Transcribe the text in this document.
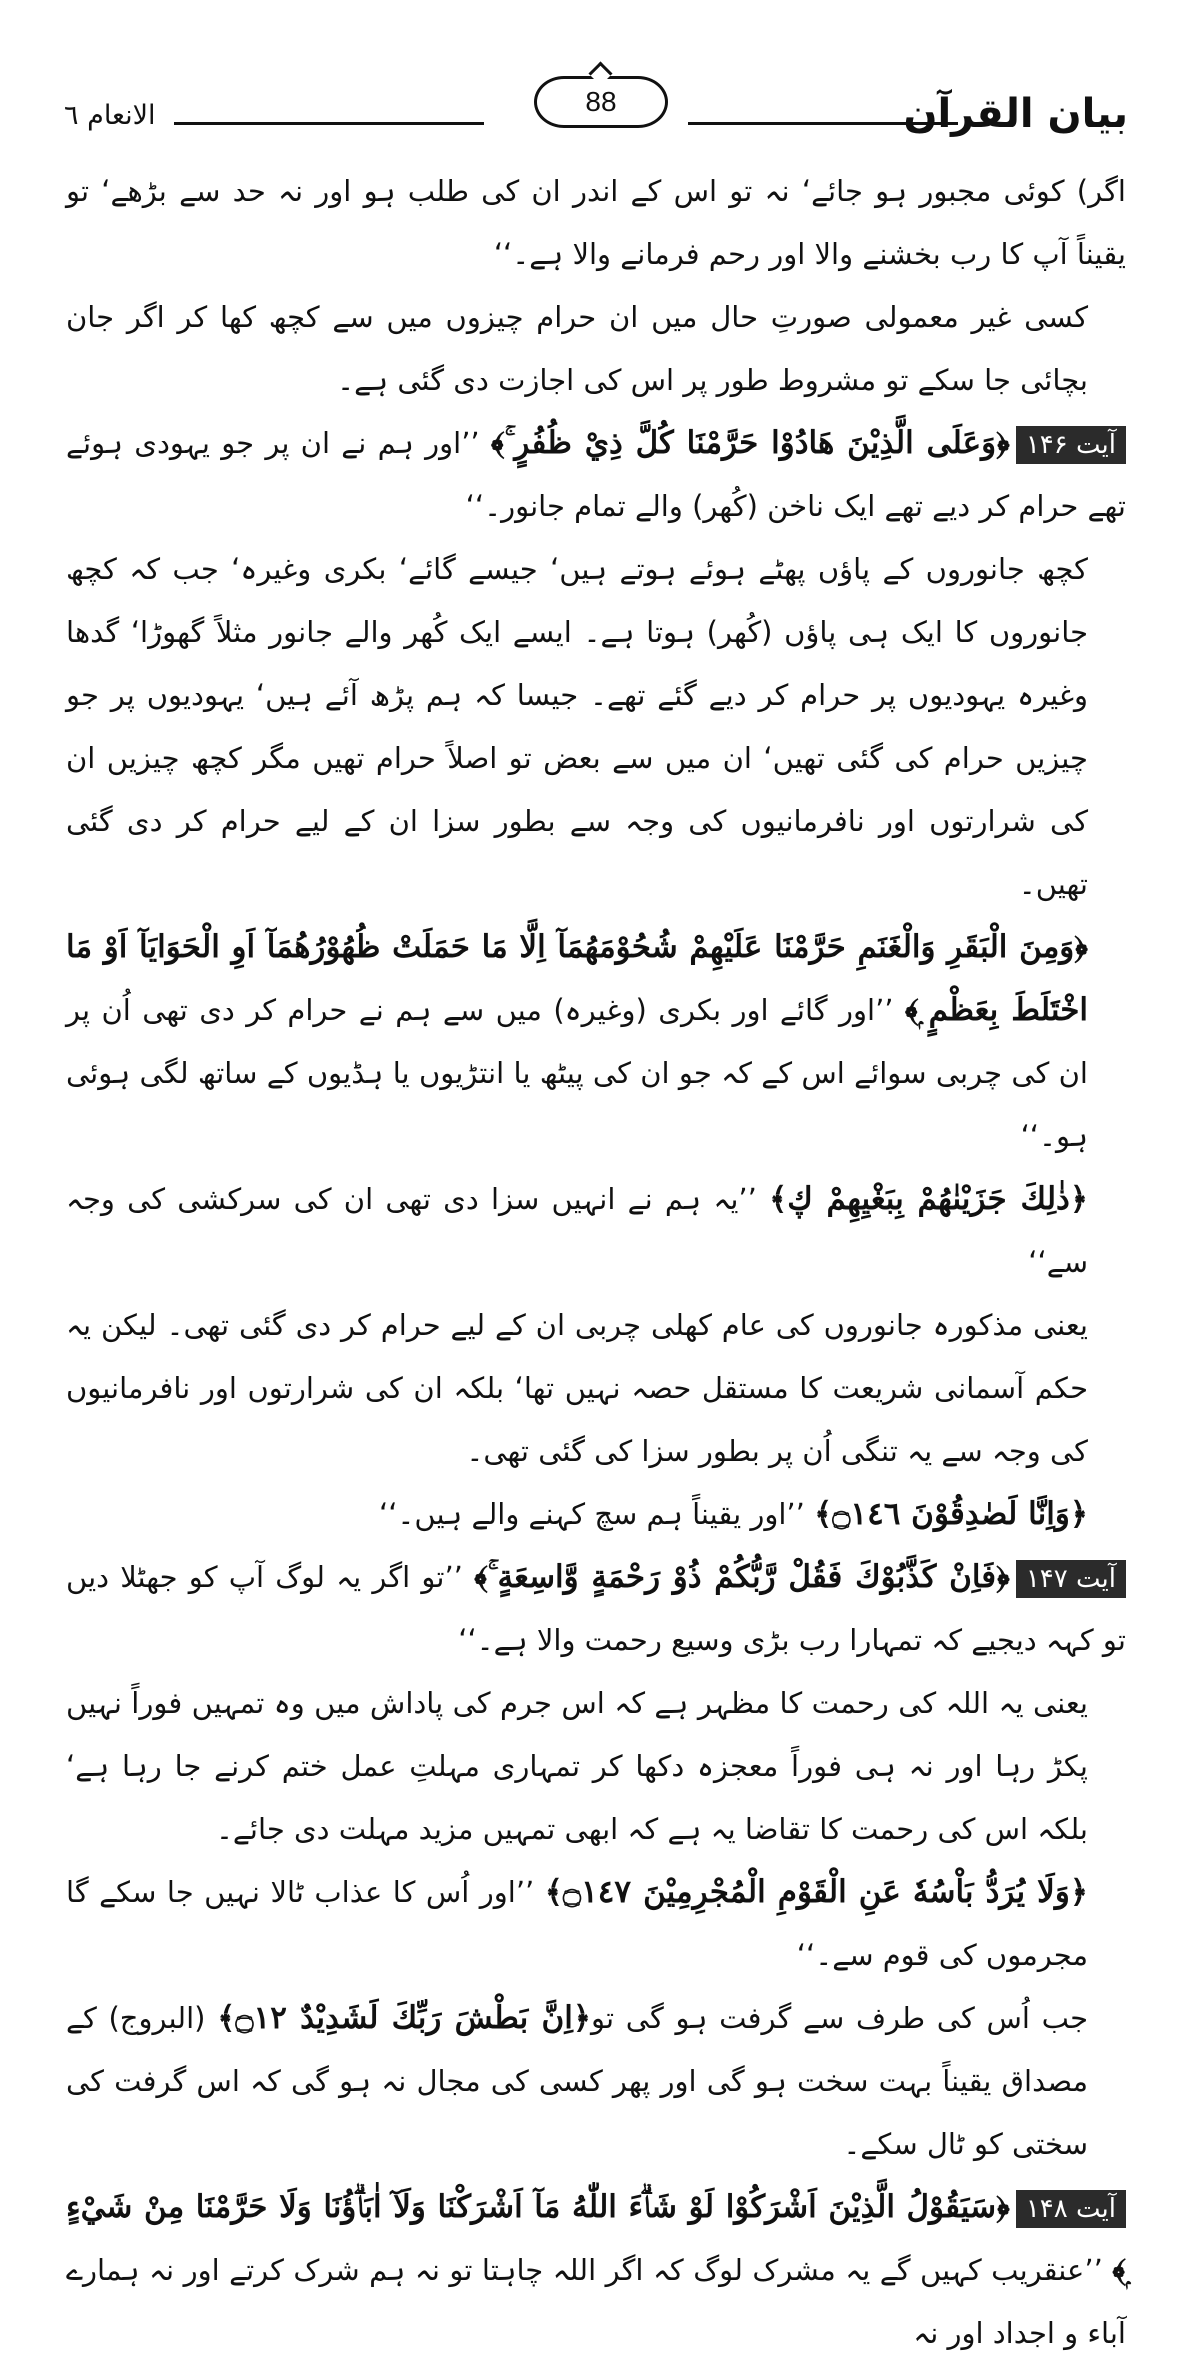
بیان القرآن
88
الانعام ٦

اگر) کوئی مجبور ہو جائے‘ نہ تو اس کے اندر ان کی طلب ہو اور نہ حد سے بڑھے‘ تو یقیناً آپ کا رب بخشنے والا اور رحم فرمانے والا ہے۔‘‘

کسی غیر معمولی صورتِ حال میں ان حرام چیزوں میں سے کچھ کھا کر اگر جان بچائی جا سکے تو مشروط طور پر اس کی اجازت دی گئی ہے۔

آیت ۱۴۶﴿وَعَلَى الَّذِيْنَ هَادُوْا حَرَّمْنَا كُلَّ ذِيْ ظُفُرٍ ۚ﴾ ’’اور ہم نے ان پر جو یہودی ہوئے تھے حرام کر دیے تھے ایک ناخن (کُھر) والے تمام جانور۔‘‘

کچھ جانوروں کے پاؤں پھٹے ہوئے ہوتے ہیں‘ جیسے گائے‘ بکری وغیرہ‘ جب کہ کچھ جانوروں کا ایک ہی پاؤں (کُھر) ہوتا ہے۔ ایسے ایک کُھر والے جانور مثلاً گھوڑا‘ گدھا وغیرہ یہودیوں پر حرام کر دیے گئے تھے۔ جیسا کہ ہم پڑھ آئے ہیں‘ یہودیوں پر جو چیزیں حرام کی گئی تھیں‘ ان میں سے بعض تو اصلاً حرام تھیں مگر کچھ چیزیں ان کی شرارتوں اور نافرمانیوں کی وجہ سے بطور سزا ان کے لیے حرام کر دی گئی تھیں۔

﴿وَمِنَ الْبَقَرِ وَالْغَنَمِ حَرَّمْنَا عَلَيْهِمْ شُحُوْمَهُمَآ اِلَّا مَا حَمَلَتْ ظُهُوْرُهُمَآ اَوِ الْحَوَايَآ اَوْ مَا اخْتَلَطَ بِعَظْمٍ ۭ﴾ ’’اور گائے اور بکری (وغیرہ) میں سے ہم نے حرام کر دی تھی اُن پر ان کی چربی سوائے اس کے کہ جو ان کی پیٹھ یا انتڑیوں یا ہڈیوں کے ساتھ لگی ہوئی ہو۔‘‘

﴿ذٰلِكَ جَزَيْنٰهُمْ بِبَغْيِهِمْ ڮ﴾ ’’یہ ہم نے انہیں سزا دی تھی ان کی سرکشی کی وجہ سے‘‘

یعنی مذکورہ جانوروں کی عام کھلی چربی ان کے لیے حرام کر دی گئی تھی۔ لیکن یہ حکم آسمانی شریعت کا مستقل حصہ نہیں تھا‘ بلکہ ان کی شرارتوں اور نافرمانیوں کی وجہ سے یہ تنگی اُن پر بطور سزا کی گئی تھی۔

﴿وَاِنَّا لَصٰدِقُوْنَ ۝١٤٦﴾ ’’اور یقیناً ہم سچ کہنے والے ہیں۔‘‘

آیت ۱۴۷﴿فَاِنْ كَذَّبُوْكَ فَقُلْ رَّبُّكُمْ ذُوْ رَحْمَةٍ وَّاسِعَةٍ ۚ﴾ ’’تو اگر یہ لوگ آپ کو جھٹلا دیں تو کہہ دیجیے کہ تمہارا رب بڑی وسیع رحمت والا ہے۔‘‘

یعنی یہ اللہ کی رحمت کا مظہر ہے کہ اس جرم کی پاداش میں وہ تمہیں فوراً نہیں پکڑ رہا اور نہ ہی فوراً معجزہ دکھا کر تمہاری مہلتِ عمل ختم کرنے جا رہا ہے‘ بلکہ اس کی رحمت کا تقاضا یہ ہے کہ ابھی تمہیں مزید مہلت دی جائے۔

﴿وَلَا يُرَدُّ بَاْسُهٗ عَنِ الْقَوْمِ الْمُجْرِمِيْنَ ۝١٤٧﴾ ’’اور اُس کا عذاب ٹالا نہیں جا سکے گا مجرموں کی قوم سے۔‘‘

جب اُس کی طرف سے گرفت ہو گی تو﴿اِنَّ بَطْشَ رَبِّكَ لَشَدِيْدٌ ۝١٢﴾ (البروج) کے مصداق یقیناً بہت سخت ہو گی اور پھر کسی کی مجال نہ ہو گی کہ اس گرفت کی سختی کو ٹال سکے۔

آیت ۱۴۸﴿سَيَقُوْلُ الَّذِيْنَ اَشْرَكُوْا لَوْ شَاۗءَ اللّٰهُ مَآ اَشْرَكْنَا وَلَآ اٰبَاۗؤُنَا وَلَا حَرَّمْنَا مِنْ شَيْءٍ ۭ﴾ ’’عنقریب کہیں گے یہ مشرک لوگ کہ اگر اللہ چاہتا تو نہ ہم شرک کرتے اور نہ ہمارے آباء و اجداد اور نہ
